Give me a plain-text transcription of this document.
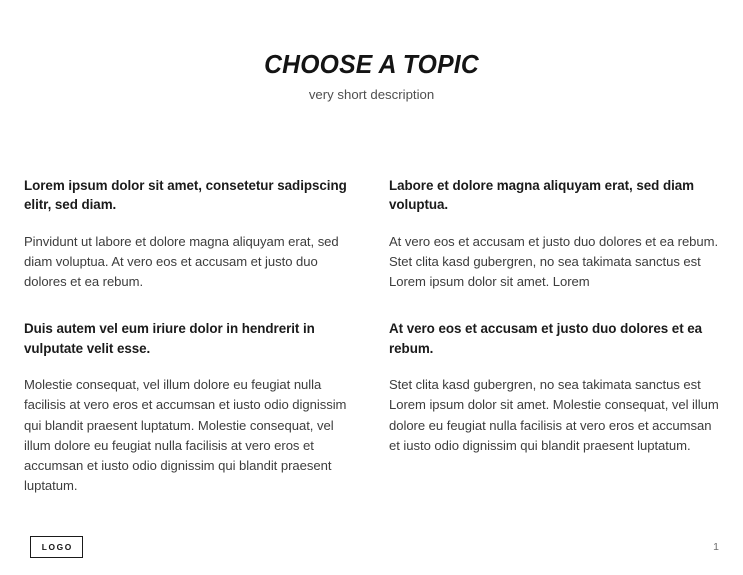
CHOOSE A TOPIC

very short description

Lorem ipsum dolor sit amet, consetetur sadipscing elitr, sed diam.

Pinvidunt ut labore et dolore magna aliquyam erat, sed diam voluptua. At vero eos et accusam et justo duo dolores et ea rebum.

Duis autem vel eum iriure dolor in hendrerit in vulputate velit esse.

Molestie consequat, vel illum dolore eu feugiat nulla facilisis at vero eros et accumsan et iusto odio dignissim qui blandit praesent luptatum. Molestie consequat, vel illum dolore eu feugiat nulla facilisis at vero eros et accumsan et iusto odio dignissim qui blandit praesent luptatum.

Labore et dolore magna aliquyam erat, sed diam voluptua.

At vero eos et accusam et justo duo dolores et ea rebum. Stet clita kasd gubergren, no sea takimata sanctus est Lorem ipsum dolor sit amet. Lorem

At vero eos et accusam et justo duo dolores et ea rebum.

Stet clita kasd gubergren, no sea takimata sanctus est Lorem ipsum dolor sit amet. Molestie consequat, vel illum dolore eu feugiat nulla facilisis at vero eros et accumsan et iusto odio dignissim qui blandit praesent luptatum.

LOGO	1
